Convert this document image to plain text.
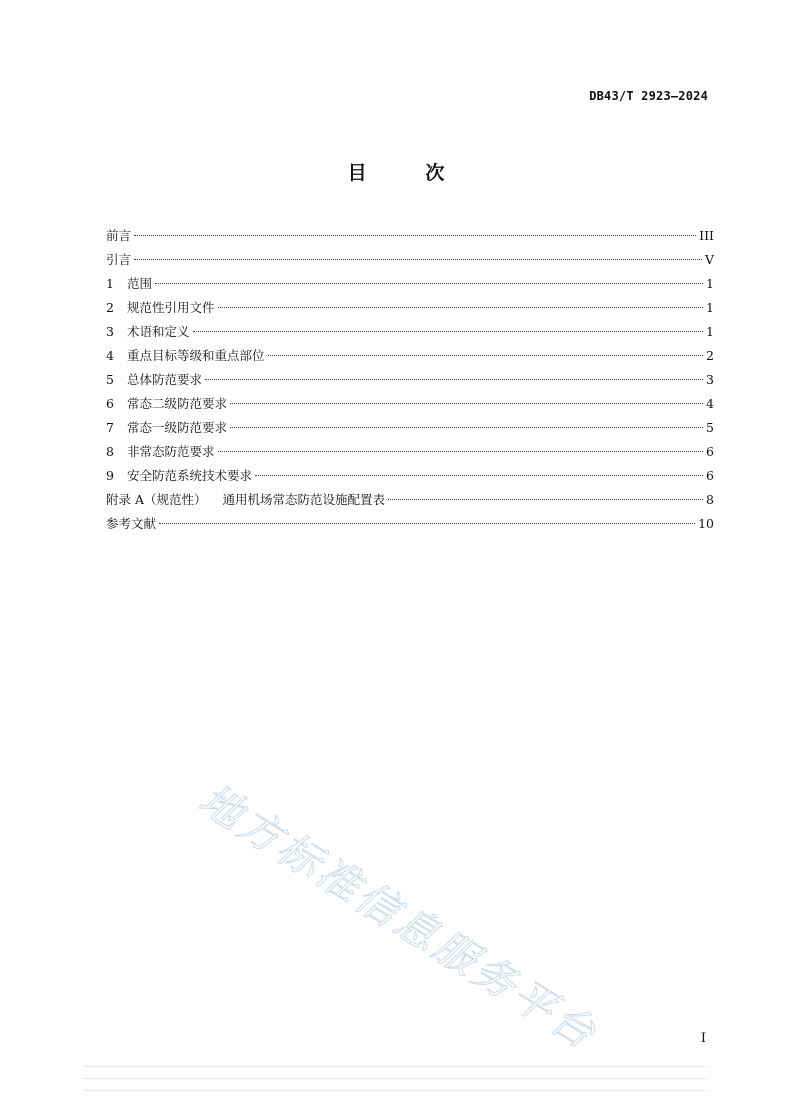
DB43/T 2923—2024
目	次
前言	III
引言	V
1	范围	1
2	规范性引用文件	1
3	术语和定义	1
4	重点目标等级和重点部位	2
5	总体防范要求	3
6	常态二级防范要求	4
7	常态一级防范要求	5
8	非常态防范要求	6
9	安全防范系统技术要求	6
附录 A（规范性） 通用机场常态防范设施配置表	8
参考文献	10
地方标准信息服务平台	I
